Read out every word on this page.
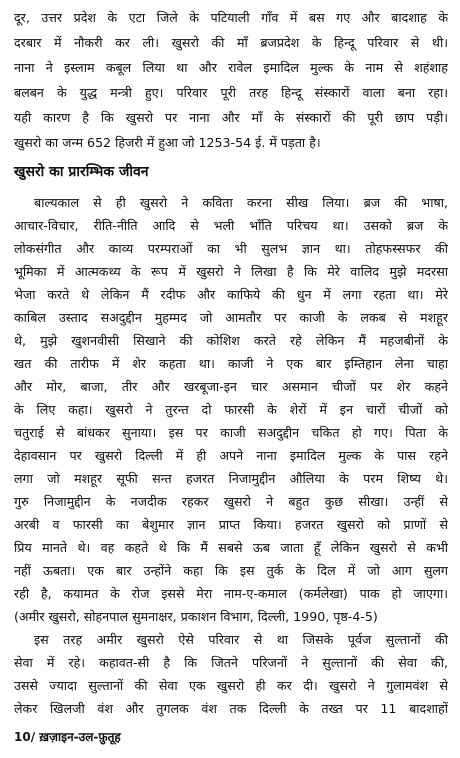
दूर, उत्तर प्रदेश के एटा जिले के पटियाली गाँव में बस गए और बादशाह के
दरबार में नौकरी कर ली। खुसरो की माँ ब्रजप्रदेश के हिन्दू परिवार से थी।
नाना ने इस्लाम कबूल लिया था और रावेल इमादिल मुल्क के नाम से शहंशाह
बलबन के युद्ध मन्त्री हुए। परिवार पूरी तरह हिन्दू संस्कारों वाला बना रहा।
यही कारण है कि खुसरो पर नाना और माँ के संस्कारों की पूरी छाप पड़ी।
खुसरो का जन्म 652 हिजरी में हुआ जो 1253-54 ई. में पड़ता है।
खुसरो का प्रारम्भिक जीवन
बाल्यकाल से ही खुसरो ने कविता करना सीख लिया। ब्रज की भाषा,
आचार-विचार, रीति-नीति आदि से भली भाँति परिचय था। उसको ब्रज के
लोकसंगीत और काव्य परम्पराओं का भी सुलभ ज्ञान था। तोहफस्सफर की
भूमिका में आत्मकथ्य के रूप में खुसरो ने लिखा है कि मेरे वालिद मुझे मदरसा
भेजा करते थे लेकिन मैं रदीफ और काफिये की धुन में लगा रहता था। मेरे
काबिल उस्ताद सअदुद्दीन मुहम्मद जो आमतौर पर काजी के लकब से मशहूर
थे, मुझे खुशनवीसी सिखाने की कोशिश करते रहे लेकिन मैं महजबीनों के
खत की तारीफ में शेर कहता था। काजी ने एक बार इम्तिहान लेना चाहा
और मोर, बाजा, तीर और खरबूजा-इन चार असमान चीजों पर शेर कहने
के लिए कहा। खुसरो ने तुरन्त दो फारसी के शेरों में इन चारों चीजों को
चतुराई से बांधकर सुनाया। इस पर काजी सअदुद्दीन चकित हो गए। पिता के
देहावसान पर खुसरो दिल्ली में ही अपने नाना इमादिल मुल्क के पास रहने
लगा जो मशहूर सूफी सन्त हजरत निजामुद्दीन औलिया के परम शिष्य थे।
गुरु निजामुद्दीन के नजदीक रहकर खुसरो ने बहुत कुछ सीखा। उन्हीं से
अरबी व फारसी का बेशुमार ज्ञान प्राप्त किया। हजरत खुसरो को प्राणों से
प्रिय मानते थे। वह कहते थे कि मैं सबसे ऊब जाता हूँ लेकिन खुसरो से कभी
नहीं ऊबता। एक बार उन्होंने कहा कि इस तुर्क के दिल में जो आग सुलग
रही है, कयामत के रोज इससे मेरा नाम-ए-कमाल (कर्मलेखा) पाक हो जाएगा।
(अमीर खुसरो, सोहनपाल सुमनाक्षर, प्रकाशन विभाग, दिल्ली, 1990, पृष्ठ-4-5)
इस तरह अमीर खुसरो ऐसे परिवार से था जिसके पूर्वज सुल्तानों की
सेवा में रहे। कहावत-सी है कि जितने परिजनों ने सुल्तानों की सेवा की,
उससे ज्यादा सुल्तानों की सेवा एक खुसरो ही कर दी। खुसरो ने गुलामवंश से
लेकर खिलजी वंश और तुगलक वंश तक दिल्ली के तख्त पर 11 बादशाहों
10/ ख़ज़ाइन-उल-फ़ुतूह
